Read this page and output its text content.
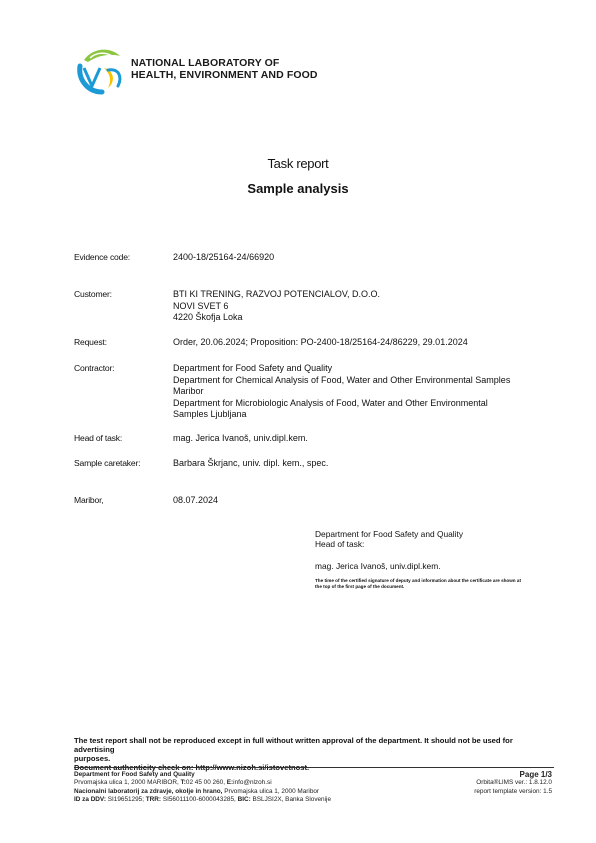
NATIONAL LABORATORY OF
HEALTH, ENVIRONMENT AND FOOD
Task report
Sample analysis
Evidence code:	2400-18/25164-24/66920
Customer:	BTI KI TRENING, RAZVOJ POTENCIALOV, D.O.O.
NOVI SVET 6
4220 Škofja Loka
Request:	Order, 20.06.2024; Proposition: PO-2400-18/25164-24/86229, 29.01.2024
Contractor:	Department for Food Safety and Quality
Department for Chemical Analysis of Food, Water and Other Environmental Samples
Maribor
Department for Microbiologic Analysis of Food, Water and Other Environmental
Samples Ljubljana
Head of task:	mag. Jerica Ivanoš, univ.dipl.kem.
Sample caretaker:	Barbara Škrjanc, univ. dipl. kem., spec.
Maribor,	08.07.2024
Department for Food Safety and Quality
Head of task:
mag. Jerica Ivanoš, univ.dipl.kem.
The time of the certified signature of deputy and information about the certificate are shown at
the top of the first page of the document.
The test report shall not be reproduced except in full without written approval of the department. It should not be used for advertising
purposes.
Document authenticity check on: http://www.nizoh.si/istovetnost.
Department for Food Safety and Quality
Prvomajska ulica 1, 2000 MARIBOR, T:02 45 00 260, E:info@nlzoh.si
Nacionalni laboratorij za zdravje, okolje in hrano, Prvomajska ulica 1, 2000 Maribor
ID za DDV: SI19651295; TRR: SI56011100-6000043285, BIC: BSLJSI2X, Banka Slovenije
Page 1/3
Orbita®LIMS ver.: 1.8.12.0
report template version: 1.5
